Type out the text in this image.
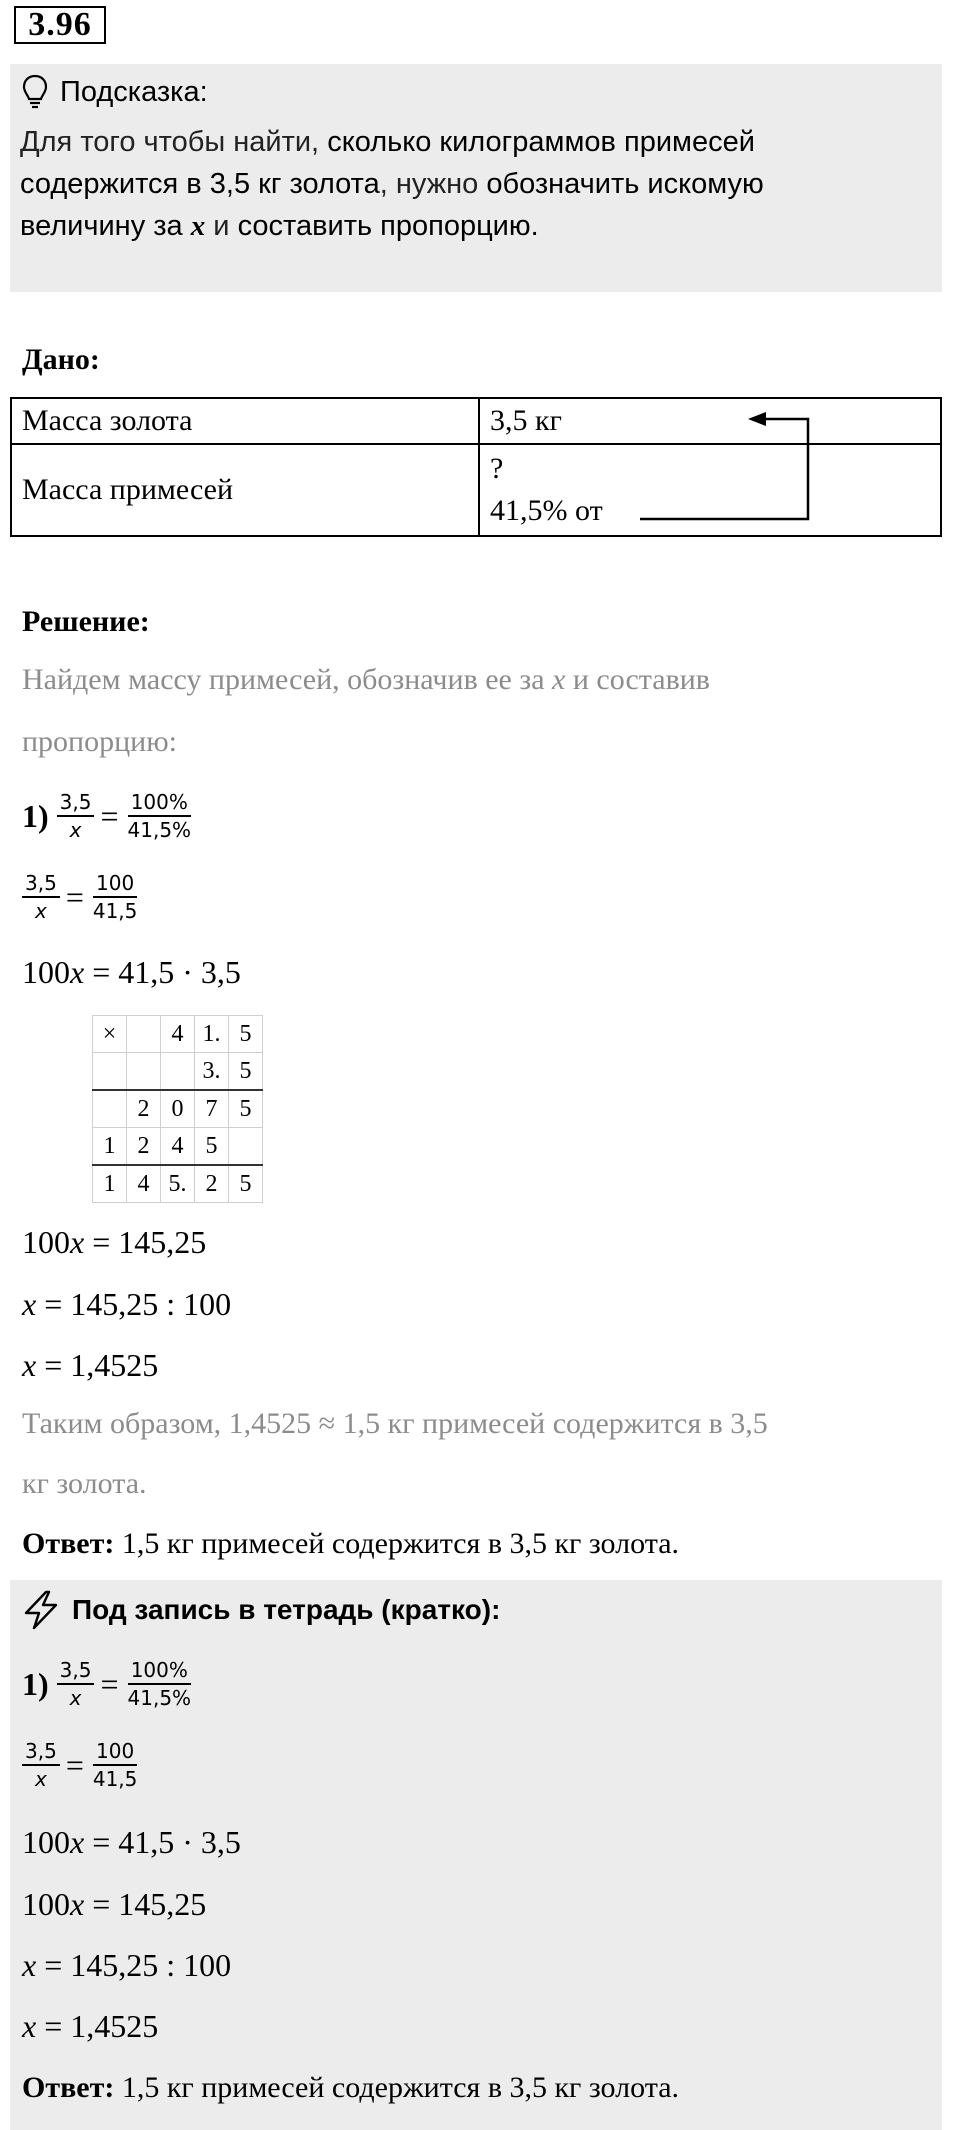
3.96
Подсказка:
Для того чтобы найти, сколько килограммов примесей
содержится в 3,5 кг золота, нужно обозначить искомую
величину за x и составить пропорцию.
Дано:
Масса золота	3,5 кг
Масса примесей	?
41,5% от
Решение:
Найдем массу примесей, обозначив ее за x и составив
пропорцию:
$1) \frac{3,5}{x} = \frac{100\%}{41,5\%}$
$\frac{3,5}{x} = \frac{100}{41,5}$
100x = 41,5 · 3,5
×		4	1.	5
			3.	5
	2	0	7	5
1	2	4	5	
1	4	5.	2	5
100x = 145,25
x = 145,25 : 100
x = 1,4525
Таким образом, 1,4525 ≈ 1,5 кг примесей содержится в 3,5
кг золота.
Ответ: 1,5 кг примесей содержится в 3,5 кг золота.
Под запись в тетрадь (кратко):
$1) \frac{3,5}{x} = \frac{100\%}{41,5\%}$
$\frac{3,5}{x} = \frac{100}{41,5}$
100x = 41,5 · 3,5
100x = 145,25
x = 145,25 : 100
x = 1,4525
Ответ: 1,5 кг примесей содержится в 3,5 кг золота.
